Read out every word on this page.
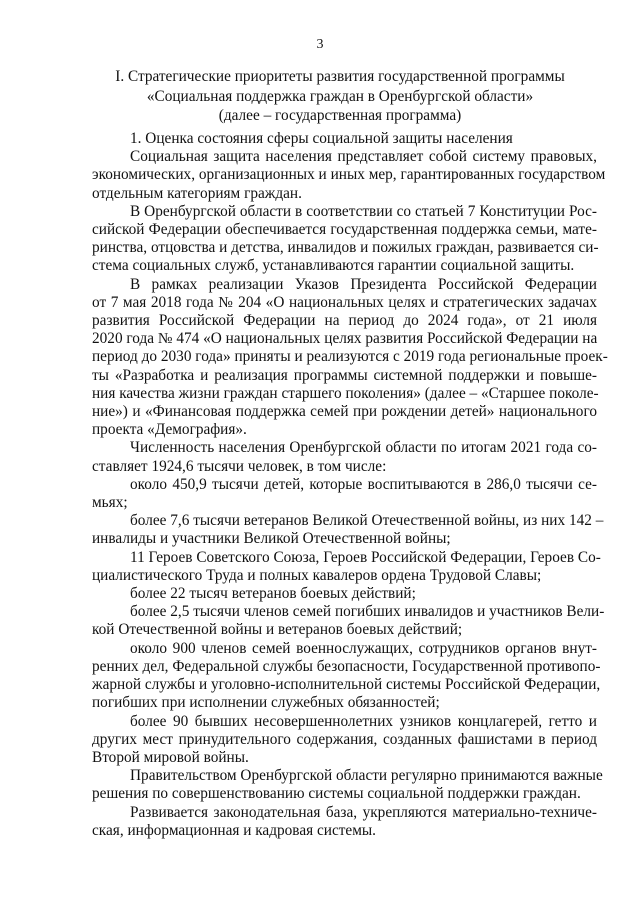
3
I. Стратегические приоритеты развития государственной программы
«Социальная поддержка граждан в Оренбургской области»
(далее – государственная программа)

1. Оценка состояния сферы социальной защиты населения

Социальная защита населения представляет собой систему правовых,
экономических, организационных и иных мер, гарантированных государством
отдельным категориям граждан.

В Оренбургской области в соответствии со статьей 7 Конституции Рос-
сийской Федерации обеспечивается государственная поддержка семьи, мате-
ринства, отцовства и детства, инвалидов и пожилых граждан, развивается си-
стема социальных служб, устанавливаются гарантии социальной защиты.

В рамках реализации Указов Президента Российской Федерации
от 7 мая 2018 года № 204 «О национальных целях и стратегических задачах
развития Российской Федерации на период до 2024 года», от 21 июля
2020 года № 474 «О национальных целях развития Российской Федерации на
период до 2030 года» приняты и реализуются с 2019 года региональные проек-
ты «Разработка и реализация программы системной поддержки и повыше-
ния качества жизни граждан старшего поколения» (далее – «Старшее поколе-
ние») и «Финансовая поддержка семей при рождении детей» национального
проекта «Демография».

Численность населения Оренбургской области по итогам 2021 года со-
ставляет 1924,6 тысячи человек, в том числе:

около 450,9 тысячи детей, которые воспитываются в 286,0 тысячи се-
мьях;

более 7,6 тысячи ветеранов Великой Отечественной войны, из них 142 –
инвалиды и участники Великой Отечественной войны;

11 Героев Советского Союза, Героев Российской Федерации, Героев Со-
циалистического Труда и полных кавалеров ордена Трудовой Славы;

более 22 тысяч ветеранов боевых действий;

более 2,5 тысячи членов семей погибших инвалидов и участников Вели-
кой Отечественной войны и ветеранов боевых действий;

около 900 членов семей военнослужащих, сотрудников органов внут-
ренних дел, Федеральной службы безопасности, Государственной противопо-
жарной службы и уголовно-исполнительной системы Российской Федерации,
погибших при исполнении служебных обязанностей;

более 90 бывших несовершеннолетних узников концлагерей, гетто и
других мест принудительного содержания, созданных фашистами в период
Второй мировой войны.

Правительством Оренбургской области регулярно принимаются важные
решения по совершенствованию системы социальной поддержки граждан.

Развивается законодательная база, укрепляются материально-техниче-
ская, информационная и кадровая системы.
